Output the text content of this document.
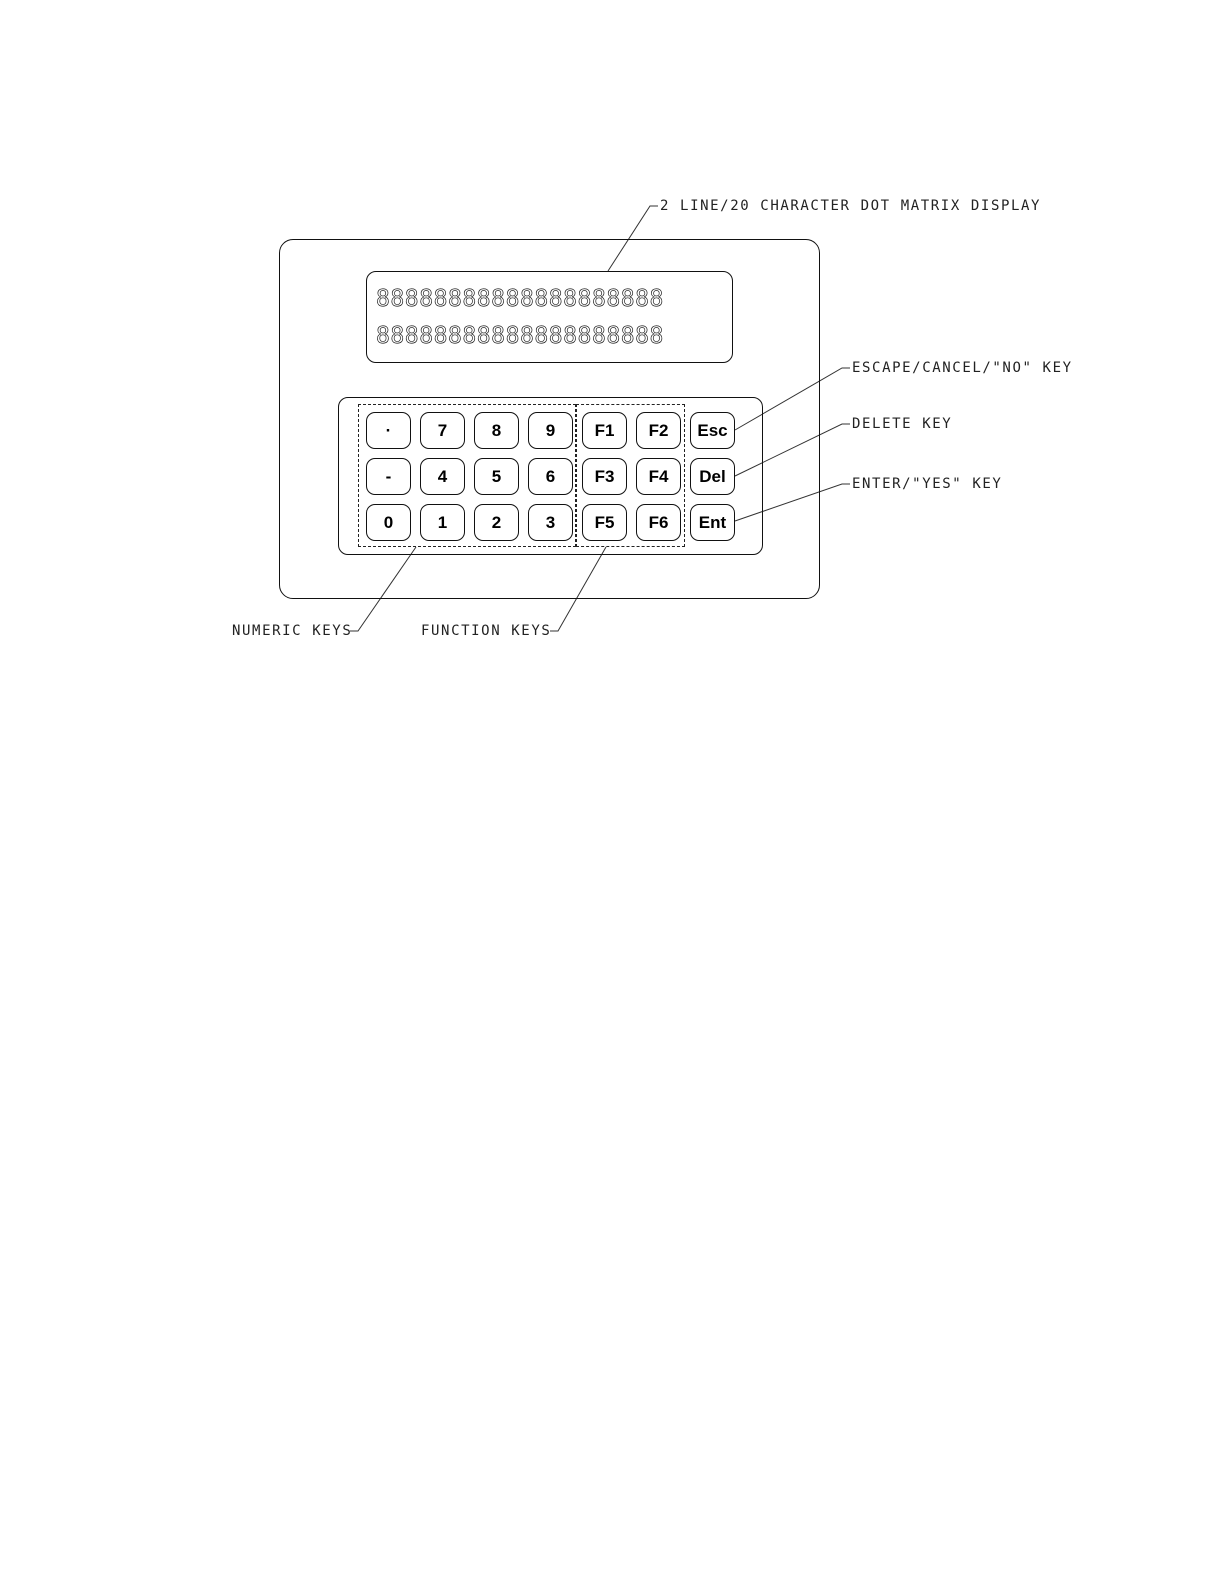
2 LINE/20 CHARACTER DOT MATRIX DISPLAY
ESCAPE/CANCEL/"NO" KEY
DELETE KEY
ENTER/"YES" KEY
NUMERIC KEYS	FUNCTION KEYS
88888888888888888888
88888888888888888888
·	7	8	9	F1	F2	Esc
-	4	5	6	F3	F4	Del
0	1	2	3	F5	F6	Ent
